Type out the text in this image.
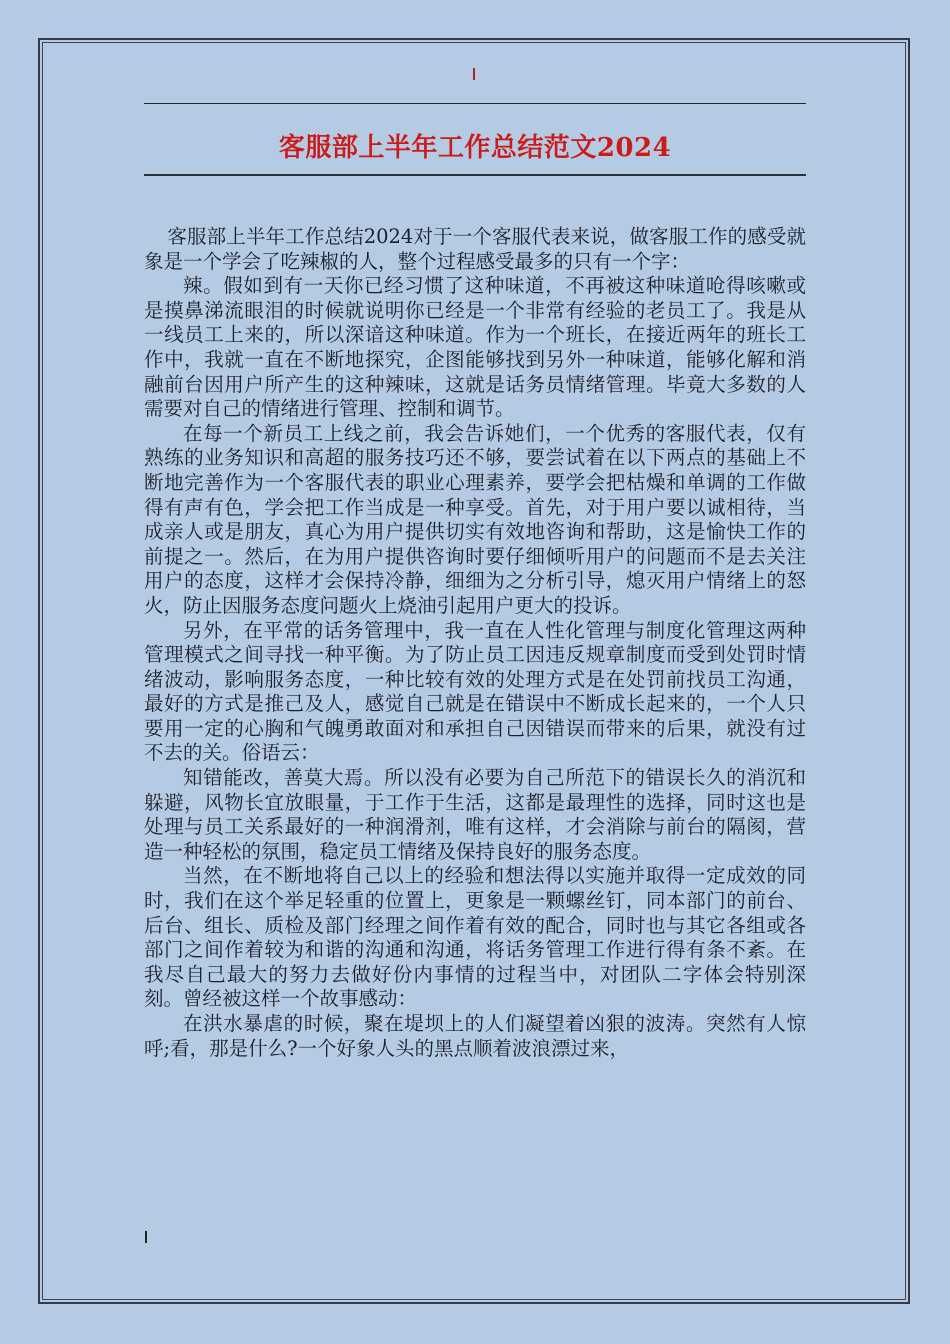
客服部上半年工作总结范文2024

客服部上半年工作总结2024对于一个客服代表来说，做客服工作的感受就象是一个学会了吃辣椒的人，整个过程感受最多的只有一个字：

辣。假如到有一天你已经习惯了这种味道，不再被这种味道呛得咳嗽或是摸鼻涕流眼泪的时候就说明你已经是一个非常有经验的老员工了。我是从一线员工上来的，所以深谙这种味道。作为一个班长，在接近两年的班长工作中，我就一直在不断地探究，企图能够找到另外一种味道，能够化解和消融前台因用户所产生的这种辣味，这就是话务员情绪管理。毕竟大多数的人需要对自己的情绪进行管理、控制和调节。

在每一个新员工上线之前，我会告诉她们，一个优秀的客服代表，仅有熟练的业务知识和高超的服务技巧还不够，要尝试着在以下两点的基础上不断地完善作为一个客服代表的职业心理素养，要学会把枯燥和单调的工作做得有声有色，学会把工作当成是一种享受。首先，对于用户要以诚相待，当成亲人或是朋友，真心为用户提供切实有效地咨询和帮助，这是愉快工作的前提之一。然后，在为用户提供咨询时要仔细倾听用户的问题而不是去关注用户的态度，这样才会保持冷静，细细为之分析引导，熄灭用户情绪上的怒火，防止因服务态度问题火上烧油引起用户更大的投诉。

另外，在平常的话务管理中，我一直在人性化管理与制度化管理这两种管理模式之间寻找一种平衡。为了防止员工因违反规章制度而受到处罚时情绪波动，影响服务态度，一种比较有效的处理方式是在处罚前找员工沟通，最好的方式是推己及人，感觉自己就是在错误中不断成长起来的，一个人只要用一定的心胸和气魄勇敢面对和承担自己因错误而带来的后果，就没有过不去的关。俗语云：

知错能改，善莫大焉。所以没有必要为自己所范下的错误长久的消沉和躲避，风物长宜放眼量，于工作于生活，这都是最理性的选择，同时这也是处理与员工关系最好的一种润滑剂，唯有这样，才会消除与前台的隔阂，营造一种轻松的氛围，稳定员工情绪及保持良好的服务态度。

当然，在不断地将自己以上的经验和想法得以实施并取得一定成效的同时，我们在这个举足轻重的位置上，更象是一颗螺丝钉，同本部门的前台、后台、组长、质检及部门经理之间作着有效的配合，同时也与其它各组或各部门之间作着较为和谐的沟通和沟通，将话务管理工作进行得有条不紊。在我尽自己最大的努力去做好份内事情的过程当中，对团队二字体会特别深刻。曾经被这样一个故事感动：

在洪水暴虐的时候，聚在堤坝上的人们凝望着凶狠的波涛。突然有人惊呼;看，那是什么?一个好象人头的黑点顺着波浪漂过来，
